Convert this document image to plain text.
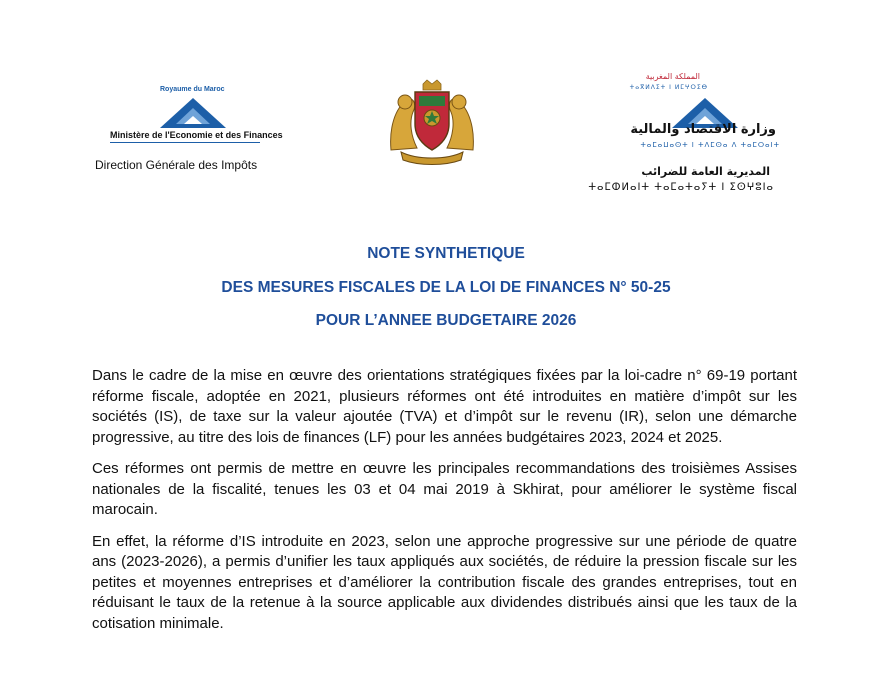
Royaume du Maroc
Ministère de l'Economie et des Finances
Direction Générale des Impôts
المملكة المغربية
ⵜⴰⴳⵍⴷⵉⵜ ⵏ ⵍⵎⵖⵔⵉⴱ
وزارة الاقتصاد والمالية
ⵜⴰⵎⴰⵡⴰⵙⵜ ⵏ ⵜⴷⵎⵙⴰ ⴷ ⵜⴰⵎⵔⴰⵏⵜ
المديرية العامة للضرائب
ⵜⴰⵎⵀⵍⴰⵏⵜ ⵜⴰⵎⴰⵜⴰⵢⵜ ⵏ ⵉⵙⵖⵓⵏⴰ
NOTE SYNTHETIQUE
DES MESURES FISCALES DE LA LOI DE FINANCES N° 50-25
POUR L’ANNEE BUDGETAIRE 2026

Dans le cadre de la mise en œuvre des orientations stratégiques fixées par la loi-cadre n° 69-19 portant réforme fiscale, adoptée en 2021, plusieurs réformes ont été introduites en matière d’impôt sur les sociétés (IS), de taxe sur la valeur ajoutée (TVA) et d’impôt sur le revenu (IR), selon une démarche progressive, au titre des lois de finances (LF) pour les années budgétaires 2023, 2024 et 2025.

Ces réformes ont permis de mettre en œuvre les principales recommandations des troisièmes Assises nationales de la fiscalité, tenues les 03 et 04 mai 2019 à Skhirat, pour améliorer le système fiscal marocain.

En effet, la réforme d’IS introduite en 2023, selon une approche progressive sur une période de quatre ans (2023-2026), a permis d’unifier les taux appliqués aux sociétés, de réduire la pression fiscale sur les petites et moyennes entreprises et d’améliorer la contribution fiscale des grandes entreprises, tout en réduisant le taux de la retenue à la source applicable aux dividendes distribués ainsi que les taux de la cotisation minimale.
